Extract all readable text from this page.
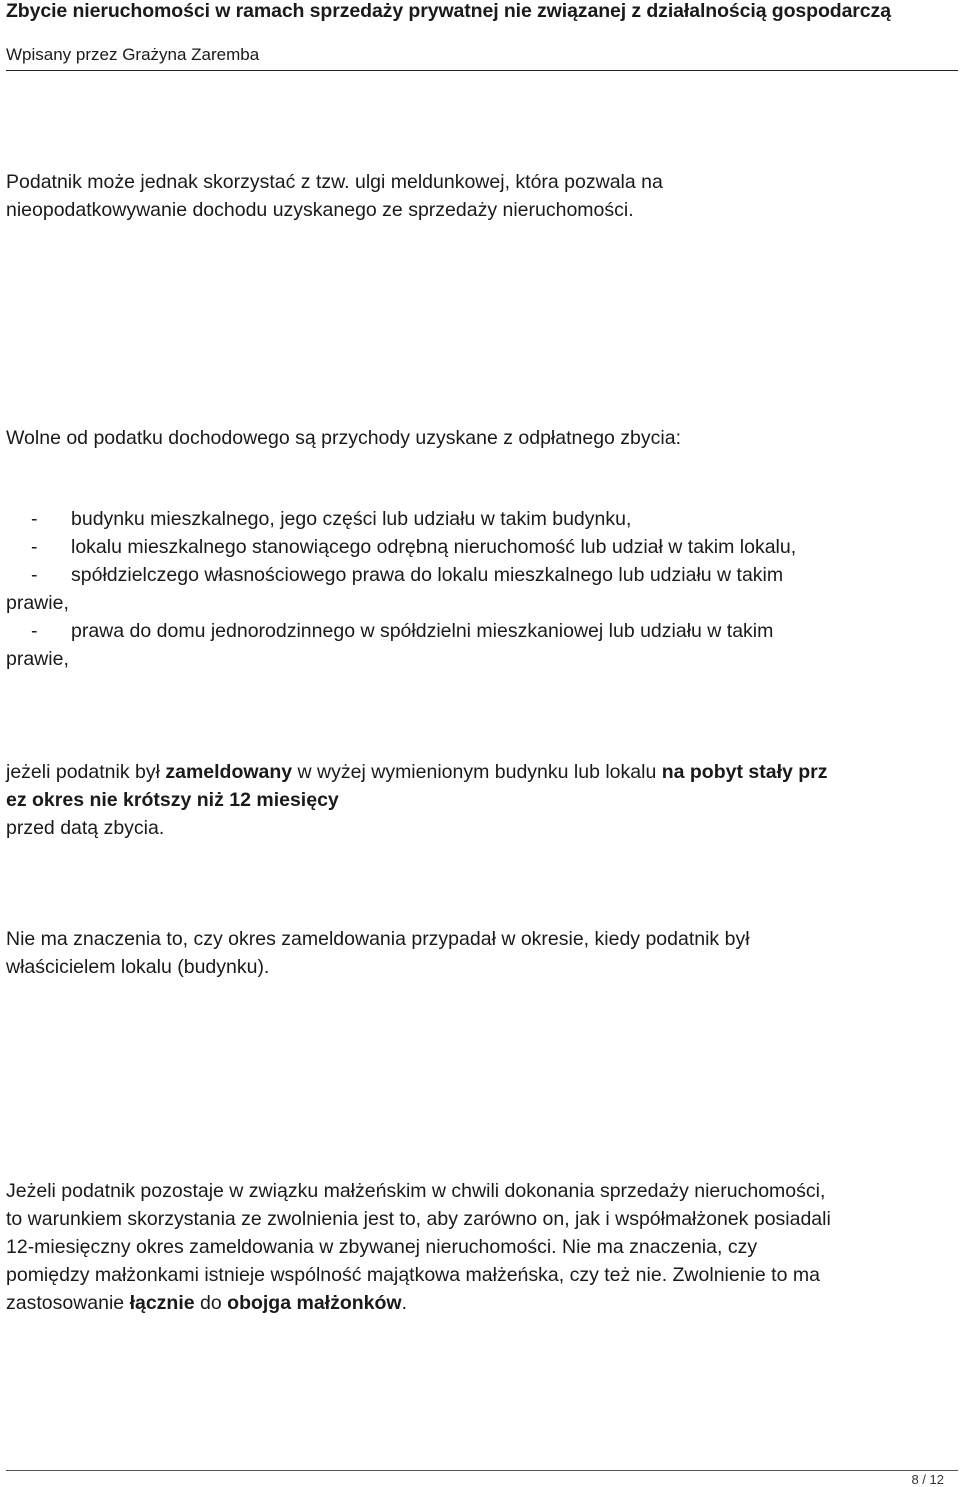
Zbycie nieruchomości w ramach sprzedaży prywatnej nie związanej z działalnością gospodarczą
Wpisany przez Grażyna Zaremba

Podatnik może jednak skorzystać z tzw. ulgi meldunkowej, która pozwala na
nieopodatkowywanie dochodu uzyskanego ze sprzedaży nieruchomości.

Wolne od podatku dochodowego są przychody uzyskane z odpłatnego zbycia:

- budynku mieszkalnego, jego części lub udziału w takim budynku,
- lokalu mieszkalnego stanowiącego odrębną nieruchomość lub udział w takim lokalu,
- spółdzielczego własnościowego prawa do lokalu mieszkalnego lub udziału w takim
prawie,
- prawa do domu jednorodzinnego w spółdzielni mieszkaniowej lub udziału w takim
prawie,

jeżeli podatnik był zameldowany w wyżej wymienionym budynku lub lokalu na pobyt stały prz
ez okres nie krótszy niż 12 miesięcy
przed datą zbycia.

Nie ma znaczenia to, czy okres zameldowania przypadał w okresie, kiedy podatnik był
właścicielem lokalu (budynku).

Jeżeli podatnik pozostaje w związku małżeńskim w chwili dokonania sprzedaży nieruchomości,
to warunkiem skorzystania ze zwolnienia jest to, aby zarówno on, jak i współmałżonek posiadali
12-miesięczny okres zameldowania w zbywanej nieruchomości. Nie ma znaczenia, czy
pomiędzy małżonkami istnieje wspólność majątkowa małżeńska, czy też nie. Zwolnienie to ma
zastosowanie łącznie do obojga małżonków.

8 / 12
